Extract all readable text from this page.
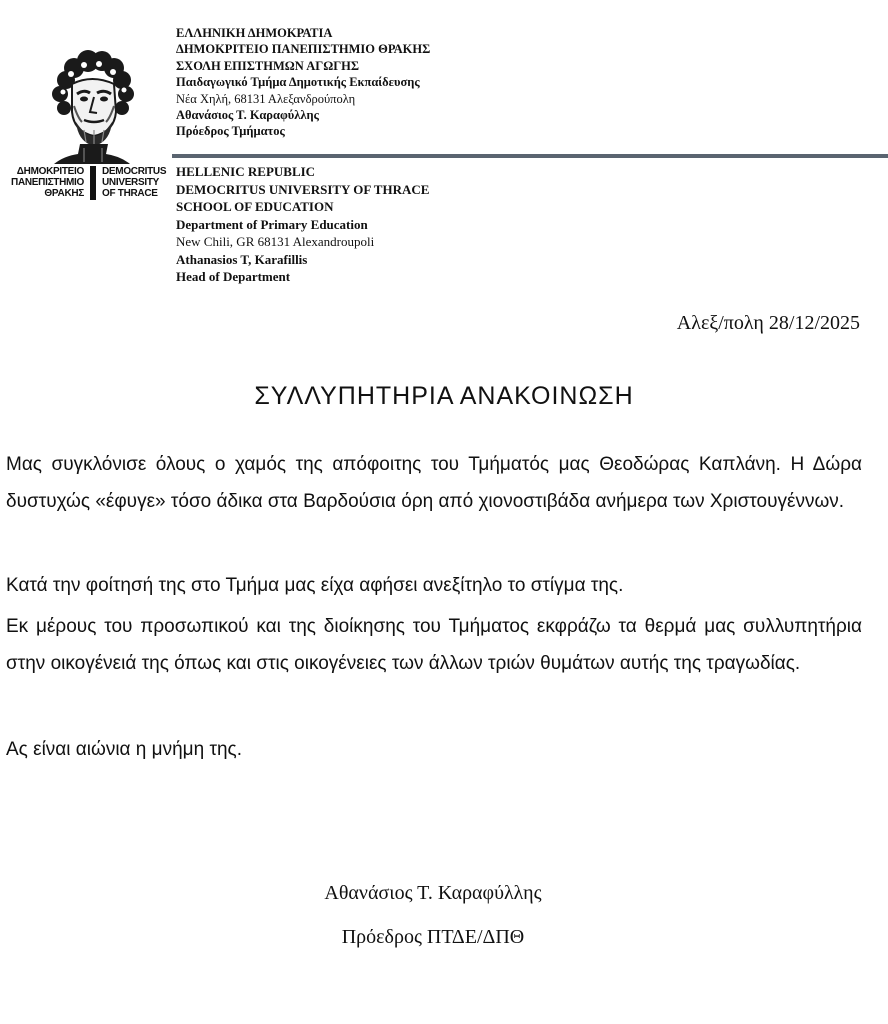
ΔΗΜΟΚΡΙΤΕΙΟ
ΠΑΝΕΠΙΣΤΗΜΙΟ
ΘΡΑΚΗΣ
DEMOCRITUS
UNIVERSITY
OF THRACE
ΕΛΛΗΝΙΚΗ ΔΗΜΟΚΡΑΤΙΑ
ΔΗΜΟΚΡΙΤΕΙΟ ΠΑΝΕΠΙΣΤΗΜΙΟ ΘΡΑΚΗΣ
ΣΧΟΛΗ ΕΠΙΣΤΗΜΩΝ ΑΓΩΓΗΣ
Παιδαγωγικό Τμήμα Δημοτικής Εκπαίδευσης
Νέα Χηλή, 68131 Αλεξανδρούπολη
Αθανάσιος Τ. Καραφύλλης
Πρόεδρος Τμήματος
HELLENIC REPUBLIC
DEMOCRITUS UNIVERSITY OF THRACE
SCHOOL OF EDUCATION
Department of Primary Education
New Chili, GR 68131 Alexandroupoli
Athanasios T, Karafillis
Head of Department
Αλεξ/πολη 28/12/2025
ΣΥΛΛΥΠΗΤΗΡΙΑ ΑΝΑΚΟΙΝΩΣΗ

Μας συγκλόνισε όλους ο χαμός της απόφοιτης του Τμήματός μας Θεοδώρας Καπλάνη. Η Δώρα δυστυχώς «έφυγε» τόσο άδικα στα Βαρδούσια όρη από χιονοστιβάδα ανήμερα των Χριστουγέννων.

Κατά την φοίτησή της στο Τμήμα μας είχα αφήσει ανεξίτηλο το στίγμα της.

Εκ μέρους του προσωπικού και της διοίκησης του Τμήματος εκφράζω τα θερμά μας συλλυπητήρια στην οικογένειά της όπως και στις οικογένειες των άλλων τριών θυμάτων αυτής της τραγωδίας.

Ας είναι αιώνια η μνήμη της.

Αθανάσιος Τ. Καραφύλλης
Πρόεδρος ΠΤΔΕ/ΔΠΘ
